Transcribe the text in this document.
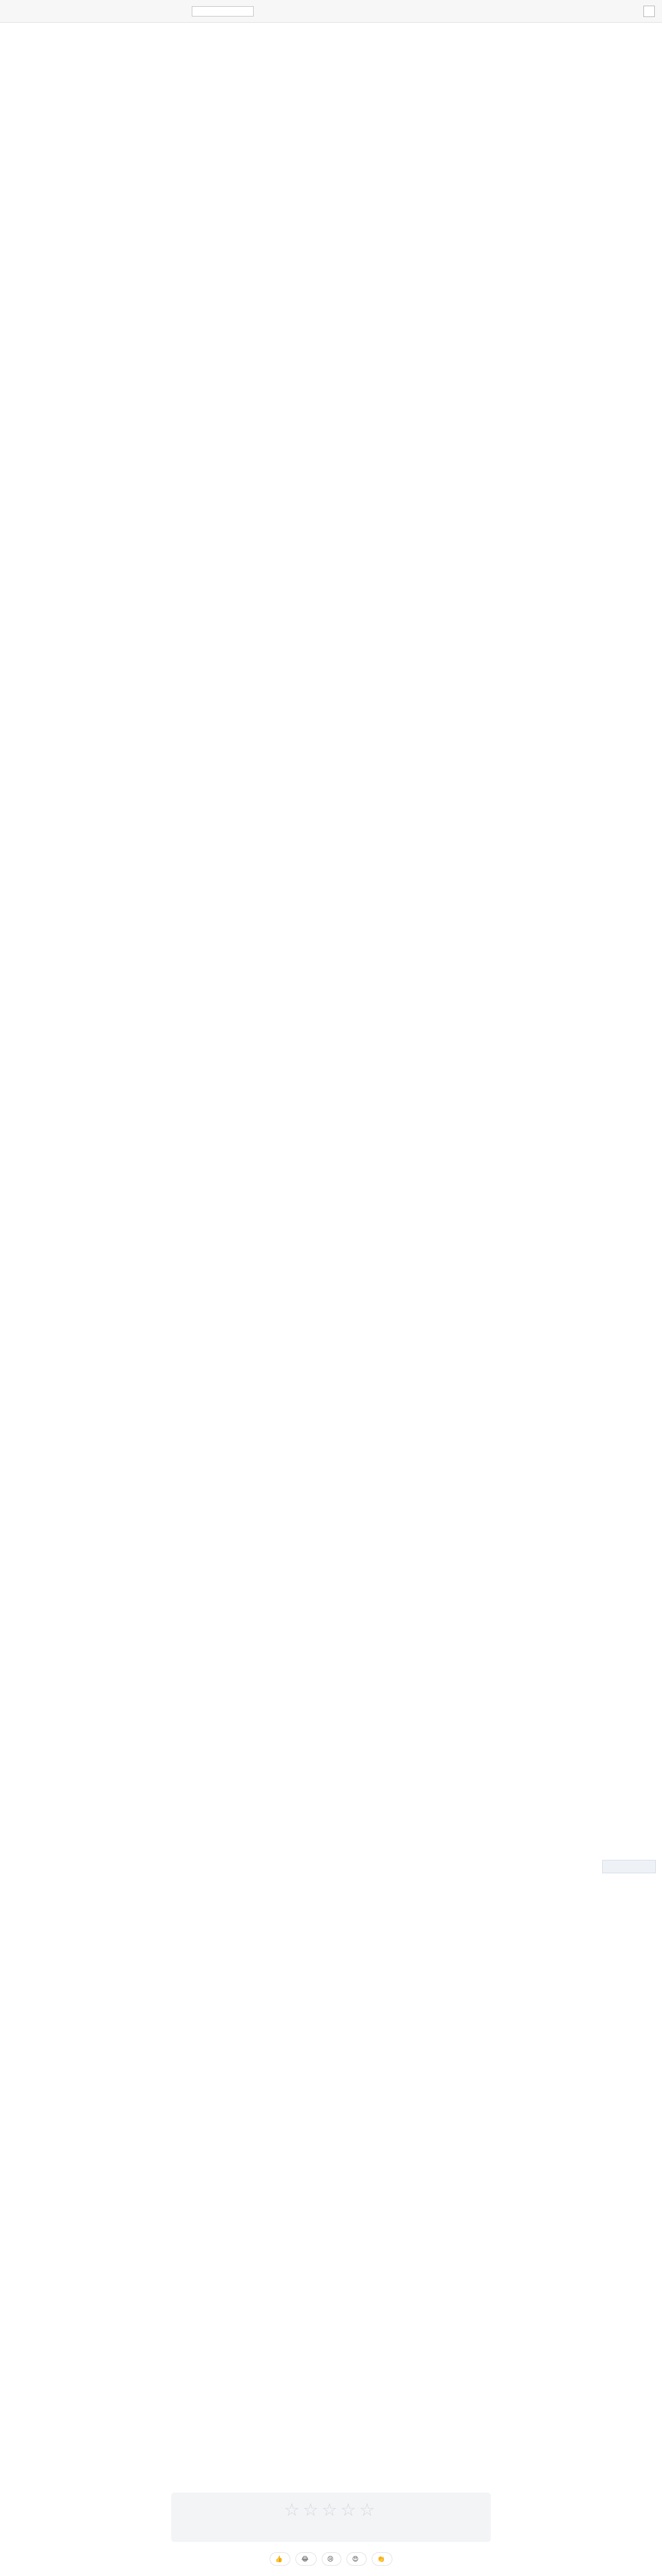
☆☆☆☆☆
👍	😂	😢	😍	👏
